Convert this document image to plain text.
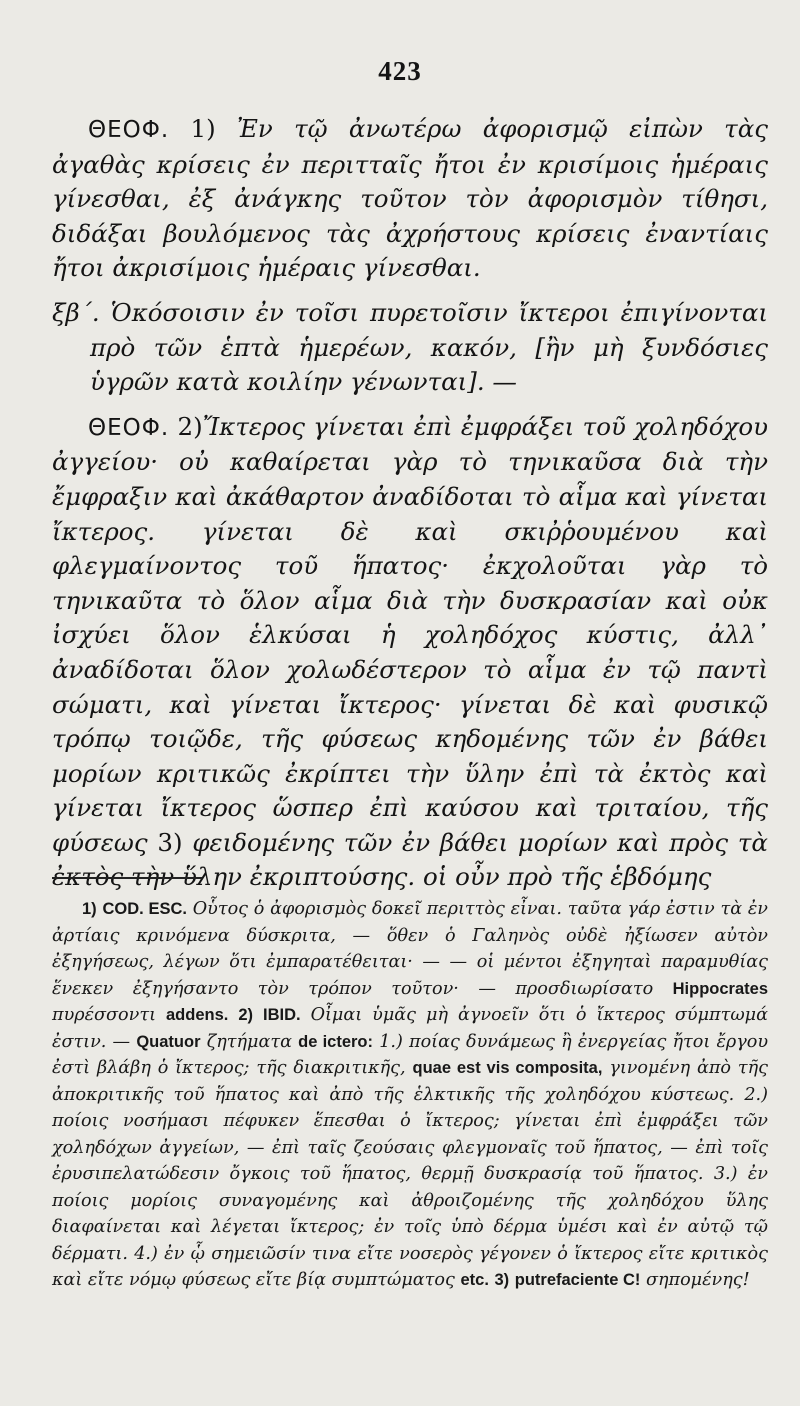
423

ΘΕΟΦ. 1) Ἐν τῷ ἀνωτέρω ἀφορισμῷ εἰπὼν τὰς ἀγαθὰς κρίσεις ἐν περιτταῖς ἤτοι ἐν κρισίμοις ἡμέραις γίνεσθαι, ἐξ ἀνάγκης τοῦτον τὸν ἀφορισμὸν τίθησι, διδάξαι βουλόμενος τὰς ἀχρήστους κρίσεις ἐναντίαις ἤτοι ἀκρισίμοις ἡμέραις γίνεσθαι.

ξβ΄. Ὁκόσοισιν ἐν τοῖσι πυρετοῖσιν ἴκτεροι ἐπιγίνονται πρὸ τῶν ἑπτὰ ἡμερέων, κακόν, [ἢν μὴ ξυνδόσιες ὑγρῶν κατὰ κοιλίην γένωνται]. —

ΘΕΟΦ. 2)Ἴκτερος γίνεται ἐπὶ ἐμφράξει τοῦ χοληδόχου ἀγγείου· οὐ καθαίρεται γὰρ τὸ τηνικαῦσα διὰ τὴν ἔμφραξιν καὶ ἀκάθαρτον ἀναδίδοται τὸ αἷμα καὶ γίνεται ἴκτερος. γίνεται δὲ καὶ σκιῤῥουμένου καὶ φλεγμαίνοντος τοῦ ἥπατος· ἐκχολοῦται γὰρ τὸ τηνικαῦτα τὸ ὅλον αἷμα διὰ τὴν δυσκρασίαν καὶ οὐκ ἰσχύει ὅλον ἑλκύσαι ἡ χοληδόχος κύστις, ἀλλ᾽ ἀναδίδοται ὅλον χολωδέστερον τὸ αἷμα ἐν τῷ παντὶ σώματι, καὶ γίνεται ἴκτερος· γίνεται δὲ καὶ φυσικῷ τρόπῳ τοιῷδε, τῆς φύσεως κηδομένης τῶν ἐν βάθει μορίων κριτικῶς ἐκρίπτει τὴν ὕλην ἐπὶ τὰ ἐκτὸς καὶ γίνεται ἴκτερος ὥσπερ ἐπὶ καύσου καὶ τριταίου, τῆς φύσεως 3) φειδομένης τῶν ἐν βάθει μορίων καὶ πρὸς τὰ ἐκτὸς τὴν ὕλην ἐκριπτούσης. οἱ οὖν πρὸ τῆς ἑβδόμης

1) COD. ESC. Οὗτος ὁ ἀφορισμὸς δοκεῖ περιττὸς εἶναι. ταῦτα γάρ ἐστιν τὰ ἐν ἀρτίαις κρινόμενα δύσκριτα, — ὅθεν ὁ Γαληνὸς οὐδὲ ἠξίωσεν αὐτὸν ἐξηγήσεως, λέγων ὅτι ἐμπαρατέθειται· — — οἱ μέντοι ἐξηγηταὶ παραμυθίας ἕνεκεν ἐξηγήσαντο τὸν τρόπον τοῦτον· — προσδιωρίσατο Hippocrates πυρέσσοντι addens. 2) IBID. Οἶμαι ὑμᾶς μὴ ἀγνοεῖν ὅτι ὁ ἴκτερος σύμπτωμά ἐστιν. — Quatuor ζητήματα de ictero: 1.) ποίας δυνάμεως ἢ ἐνεργείας ἤτοι ἔργου ἐστὶ βλάβη ὁ ἴκτερος; τῆς διακριτικῆς, quae est vis composita, γινομένη ἀπὸ τῆς ἀποκριτικῆς τοῦ ἥπατος καὶ ἀπὸ τῆς ἑλκτικῆς τῆς χοληδόχου κύστεως. 2.) ποίοις νοσήμασι πέφυκεν ἕπεσθαι ὁ ἴκτερος; γίνεται ἐπὶ ἐμφράξει τῶν χοληδόχων ἀγγείων, — ἐπὶ ταῖς ζεούσαις φλεγμοναῖς τοῦ ἥπατος, — ἐπὶ τοῖς ἐρυσιπελατώδεσιν ὄγκοις τοῦ ἥπατος, θερμῇ δυσκρασίᾳ τοῦ ἥπατος. 3.) ἐν ποίοις μορίοις συναγομένης καὶ ἀθροιζομένης τῆς χοληδόχου ὕλης διαφαίνεται καὶ λέγεται ἴκτερος; ἐν τοῖς ὑπὸ δέρμα ὑμέσι καὶ ἐν αὐτῷ τῷ δέρματι. 4.) ἐν ᾧ σημειῶσίν τινα εἴτε νοσερὸς γέγονεν ὁ ἴκτερος εἴτε κριτικὸς καὶ εἴτε νόμῳ φύσεως εἴτε βίᾳ συμπτώματος etc. 3) putrefaciente C! σηπομένης!
